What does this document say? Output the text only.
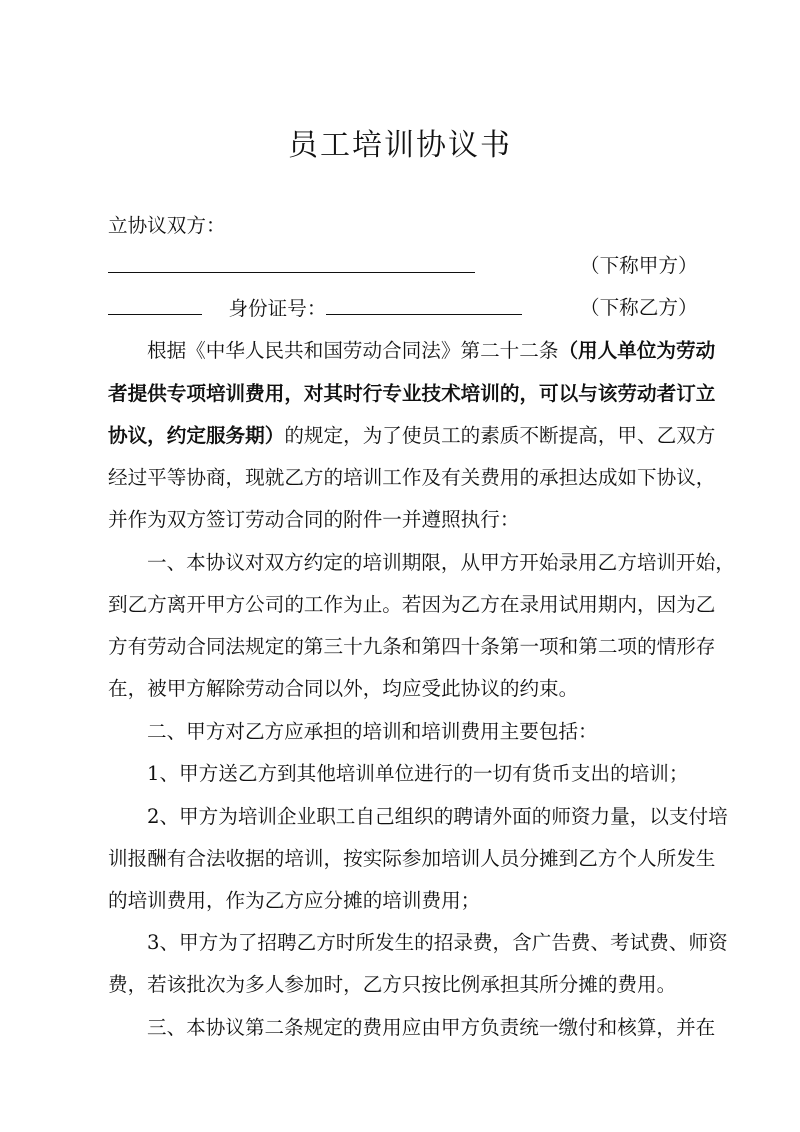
员工培训协议书
立协议双方：
（下称甲方）
身份证号：	（下称乙方）
根据《中华人民共和国劳动合同法》第二十二条（用人单位为劳动
者提供专项培训费用，对其时行专业技术培训的，可以与该劳动者订立
协议，约定服务期）的规定，为了使员工的素质不断提高，甲、乙双方
经过平等协商，现就乙方的培训工作及有关费用的承担达成如下协议，
并作为双方签订劳动合同的附件一并遵照执行：
一、本协议对双方约定的培训期限，从甲方开始录用乙方培训开始，
到乙方离开甲方公司的工作为止。若因为乙方在录用试用期内，因为乙
方有劳动合同法规定的第三十九条和第四十条第一项和第二项的情形存
在，被甲方解除劳动合同以外，均应受此协议的约束。
二、甲方对乙方应承担的培训和培训费用主要包括：
1、甲方送乙方到其他培训单位进行的一切有货币支出的培训；
2、甲方为培训企业职工自己组织的聘请外面的师资力量，以支付培
训报酬有合法收据的培训，按实际参加培训人员分摊到乙方个人所发生
的培训费用，作为乙方应分摊的培训费用；
3、甲方为了招聘乙方时所发生的招录费，含广告费、考试费、师资
费，若该批次为多人参加时，乙方只按比例承担其所分摊的费用。
三、本协议第二条规定的费用应由甲方负责统一缴付和核算，并在
